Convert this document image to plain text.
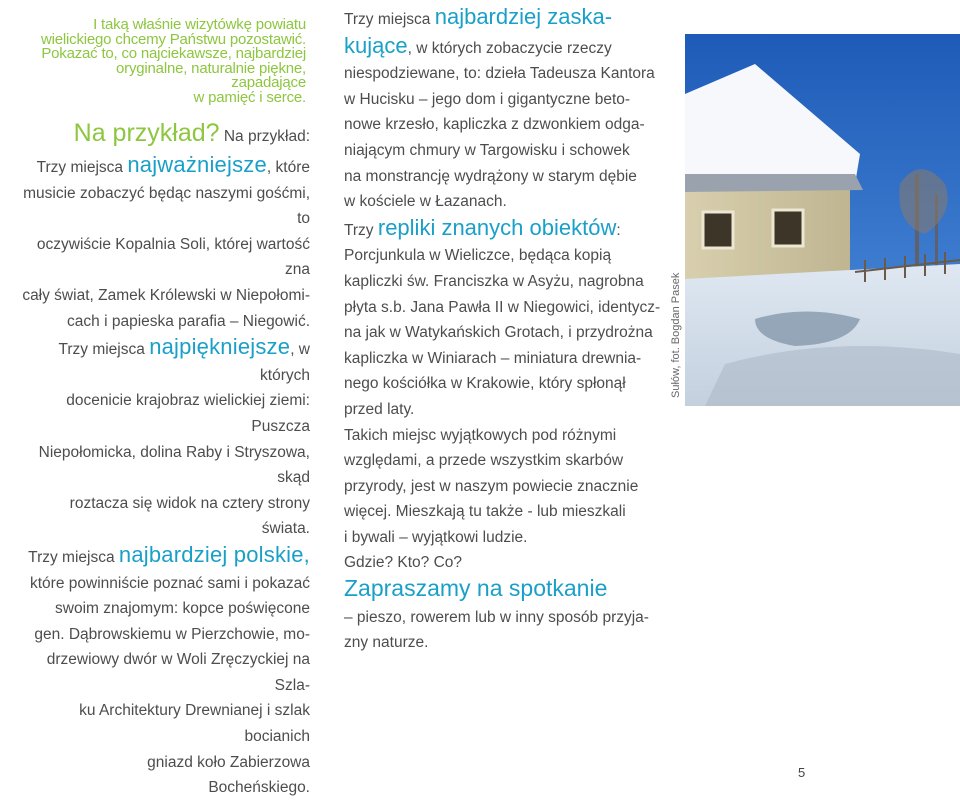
I taką właśnie wizytówkę powiatu
wielickiego chcemy Państwu pozostawić.
Pokazać to, co najciekawsze, najbardziej
oryginalne, naturalnie piękne, zapadające
w pamięć i serce.

Na przykład? Na przykład:

Trzy miejsca najważniejsze, które
musicie zobaczyć będąc naszymi gośćmi, to
oczywiście Kopalnia Soli, której wartość zna
cały świat, Zamek Królewski w Niepołomi-
cach i papieska parafia – Niegowić.

Trzy miejsca najpiękniejsze, w których
docenicie krajobraz wielickiej ziemi: Puszcza
Niepołomicka, dolina Raby i Stryszowa, skąd
roztacza się widok na cztery strony świata.

Trzy miejsca najbardziej polskie,
które powinniście poznać sami i pokazać
swoim znajomym: kopce poświęcone
gen. Dąbrowskiemu w Pierzchowie, mo-
drzewiowy dwór w Woli Zręczyckiej na Szla-
ku Architektury Drewnianej i szlak bocianich
gniazd koło Zabierzowa
Bocheńskiego.

Trzy miejsca najbardziej zaska-
kujące, w których zobaczycie rzeczy
niespodziewane, to: dzieła Tadeusza Kantora
w Hucisku – jego dom i gigantyczne beto-
nowe krzesło, kapliczka z dzwonkiem odga-
niającym chmury w Targowisku i schowek
na monstrancję wydrążony w starym dębie
w kościele w Łazanach.

Trzy repliki znanych obiektów:
Porcjunkula w Wieliczce, będąca kopią
kapliczki św. Franciszka w Asyżu, nagrobna
płyta s.b. Jana Pawła II w Niegowici, identycz-
na jak w Watykańskich Grotach, i przydrożna
kapliczka w Winiarach – miniatura drewnia-
nego kościółka w Krakowie, który spłonął
przed laty.

Takich miejsc wyjątkowych pod różnymi
względami, a przede wszystkim skarbów
przyrody, jest w naszym powiecie znacznie
więcej. Mieszkają tu także - lub mieszkali
i bywali – wyjątkowi ludzie.
Gdzie? Kto? Co?

Zapraszamy na spotkanie
– pieszo, rowerem lub w inny sposób przyja-
zny naturze.

Sułów, fot. Bogdan Pasek
5
